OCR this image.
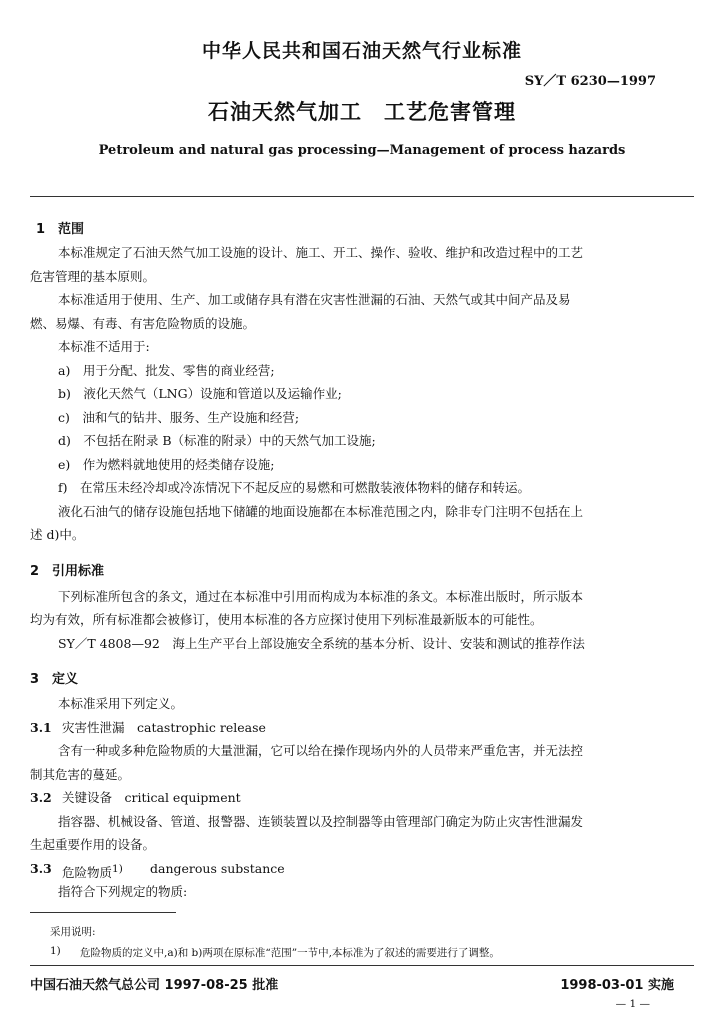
中华人民共和国石油天然气行业标准
SY／T 6230—1997
石油天然气加工　工艺危害管理
Petroleum and natural gas processing—Management of process hazards
1　范围
本标准规定了石油天然气加工设施的设计、施工、开工、操作、验收、维护和改造过程中的工艺
危害管理的基本原则。
本标准适用于使用、生产、加工或储存具有潜在灾害性泄漏的石油、天然气或其中间产品及易
燃、易爆、有毒、有害危险物质的设施。
本标准不适用于:
a)　用于分配、批发、零售的商业经营;
b)　液化天然气（LNG）设施和管道以及运输作业;
c)　油和气的钻井、服务、生产设施和经营;
d)　不包括在附录 B（标准的附录）中的天然气加工设施;
e)　作为燃料就地使用的烃类储存设施;
f)　在常压未经冷却或冷冻情况下不起反应的易燃和可燃散装液体物料的储存和转运。
液化石油气的储存设施包括地下储罐的地面设施都在本标准范围之内，除非专门注明不包括在上
述 d)中。
2　引用标准
下列标准所包含的条文，通过在本标准中引用而构成为本标准的条文。本标准出版时，所示版本
均为有效，所有标准都会被修订，使用本标准的各方应探讨使用下列标准最新版本的可能性。
SY／T 4808—92　海上生产平台上部设施安全系统的基本分析、设计、安装和测试的推荐作法
3　定义
本标准采用下列定义。
3.1 灾害性泄漏　catastrophic release
含有一种或多种危险物质的大量泄漏，它可以给在操作现场内外的人员带来严重危害，并无法控
制其危害的蔓延。
3.2 关键设备　critical equipment
指容器、机械设备、管道、报警器、连锁装置以及控制器等由管理部门确定为防止灾害性泄漏发
生起重要作用的设备。
3.3 危险物质$^{1)}$ dangerous substance
指符合下列规定的物质:
采用说明:
1) 危险物质的定义中,a)和 b)两项在原标准“范围”一节中,本标准为了叙述的需要进行了调整。
中国石油天然气总公司 1997-08-25 批准	1998-03-01 实施
— 1 —
